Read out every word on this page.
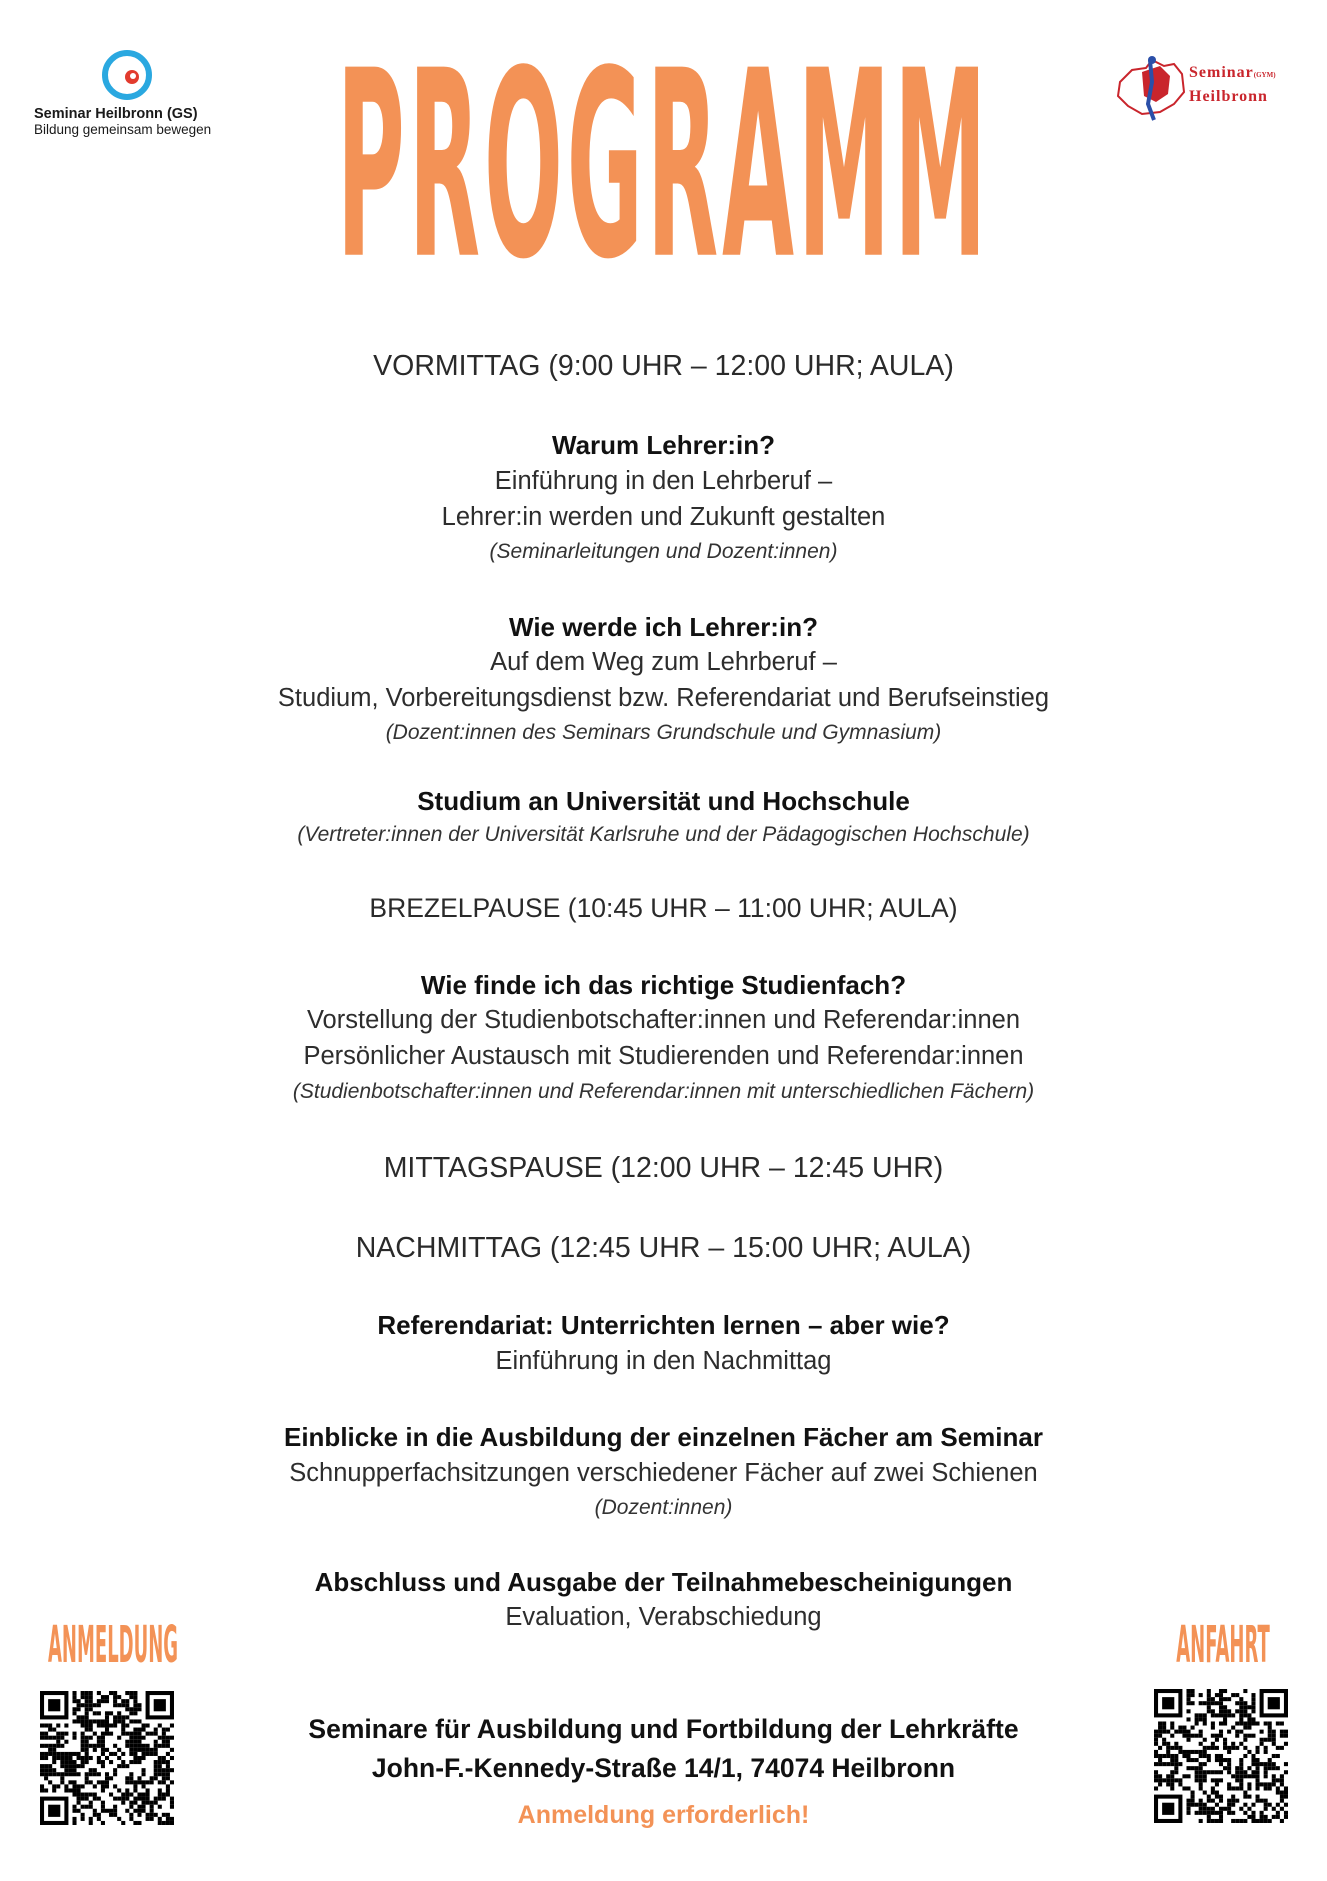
Seminar Heilbronn (GS)
Bildung gemeinsam bewegen
Seminar(GYM)
Heilbronn
PROGRAMM
VORMITTAG (9:00 UHR – 12:00 UHR; AULA)
Warum Lehrer:in?
Einführung in den Lehrberuf –
Lehrer:in werden und Zukunft gestalten
(Seminarleitungen und Dozent:innen)
Wie werde ich Lehrer:in?
Auf dem Weg zum Lehrberuf –
Studium, Vorbereitungsdienst bzw. Referendariat und Berufseinstieg
(Dozent:innen des Seminars Grundschule und Gymnasium)
Studium an Universität und Hochschule
(Vertreter:innen der Universität Karlsruhe und der Pädagogischen Hochschule)
BREZELPAUSE (10:45 UHR – 11:00 UHR; AULA)
Wie finde ich das richtige Studienfach?
Vorstellung der Studienbotschafter:innen und Referendar:innen
Persönlicher Austausch mit Studierenden und Referendar:innen
(Studienbotschafter:innen und Referendar:innen mit unterschiedlichen Fächern)
MITTAGSPAUSE (12:00 UHR – 12:45 UHR)
NACHMITTAG (12:45 UHR – 15:00 UHR; AULA)
Referendariat: Unterrichten lernen – aber wie?
Einführung in den Nachmittag
Einblicke in die Ausbildung der einzelnen Fächer am Seminar
Schnupperfachsitzungen verschiedener Fächer auf zwei Schienen
(Dozent:innen)
Abschluss und Ausgabe der Teilnahmebescheinigungen
Evaluation, Verabschiedung
ANMELDUNG	ANFAHRT
Seminare für Ausbildung und Fortbildung der Lehrkräfte
John-F.-Kennedy-Straße 14/1, 74074 Heilbronn
Anmeldung erforderlich!
